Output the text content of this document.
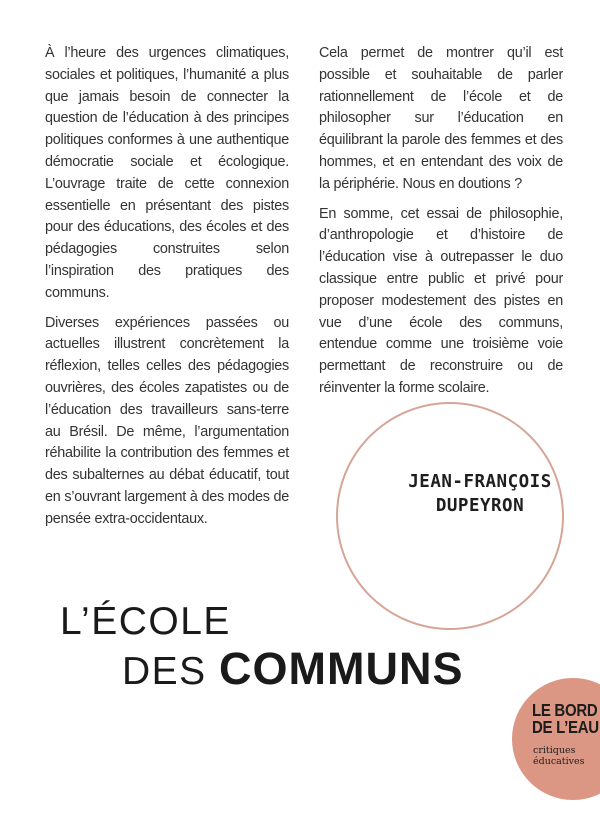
À l’heure des urgences climatiques, sociales et politiques, l’humanité a plus que jamais besoin de connecter la question de l’éducation à des principes politiques conformes à une authentique démocratie sociale et écologique. L’ouvrage traite de cette connexion essentielle en présentant des pistes pour des éducations, des écoles et des pédagogies construites selon l’inspiration des pratiques des communs.

Diverses expériences passées ou actuelles illustrent concrètement la réflexion, telles celles des pédagogies ouvrières, des écoles zapatistes ou de l’éducation des travailleurs sans-terre au Brésil. De même, l’argumentation réhabilite la contribution des femmes et des subalternes au débat éducatif, tout en s’ouvrant largement à des modes de pensée extra-occidentaux.

Cela permet de montrer qu’il est possible et souhaitable de parler rationnellement de l’école et de philosopher sur l’éducation en équilibrant la parole des femmes et des hommes, et en entendant des voix de la périphérie. Nous en doutions ?

En somme, cet essai de philosophie, d’anthropologie et d’histoire de l’éducation vise à outrepasser le duo classique entre public et privé pour proposer modestement des pistes en vue d’une école des communs, entendue comme une troisième voie permettant de reconstruire ou de réinventer la forme scolaire.

JEAN-FRANÇOIS
DUPEYRON
L’ÉCOLE
DES COMMUNS
LE BORD
DE L’EAU
critiques
éducatives
